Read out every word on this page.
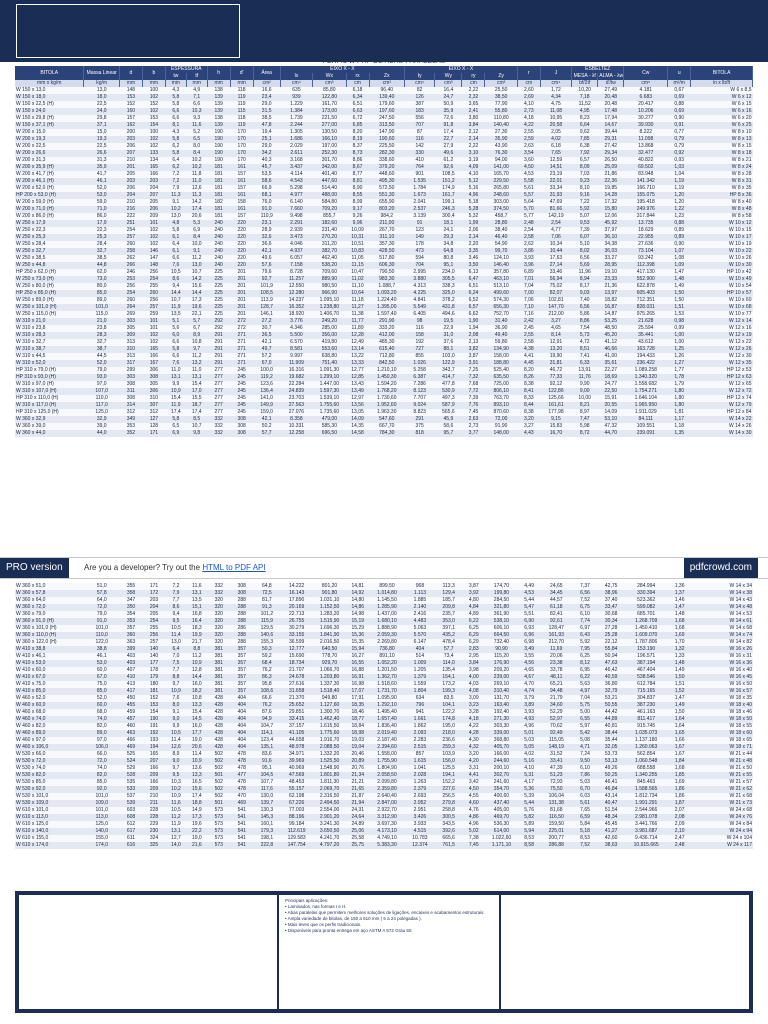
PERFIL W / HP DE ABAS PARALELAS
BITOLA	Massa Linear	d	b	ESPESSURA		h	d'	Área	EIXO X - X				EIXO X - X				r	J	ESBELTEZ		Cw	u	BITOLA
				tw	tf				Ix	Wx	rx	Zx	Iy	Wy	ry	Zy			MESA - λf	ALMA - λw			
mm x kg/m	kg/m	mm	mm	mm	mm	mm	mm	cm²	cm⁴	cm³	cm	cm³	cm⁴	cm³	cm	cm³	cm	cm⁴	bf/2tf	d'/tw	cm⁶	m²/m	in x lb/ft
W 150 x 13,0	13,0	148	100	4,3	4,9	138	118	16,6	635	85,80	6,18	96,40	82	16,4	2,22	25,50	2,60	1,72	10,20	27,49	4.181	0,67	W 6 x 8,5
W 150 x 18,0	18,0	153	102	5,8	7,1	139	119	23,4	939	122,80	6,34	139,40	126	24,7	2,32	38,50	2,69	4,34	7,18	20,48	6.683	0,69	W 6 x 12
W 150 x 22,5 (H)	22,5	152	152	5,8	6,6	139	119	29,0	1.229	161,70	6,51	179,60	387	50,9	3,65	77,90	4,10	4,75	11,52	20,48	20.417	0,88	W 6 x 15
W 150 x 24,0	24,0	160	102	6,6	10,3	139	115	31,5	1.384	173,00	6,63	197,60	183	35,9	2,41	55,80	2,73	11,08	4,95	17,48	10.206	0,69	W 6 x 16
W 150 x 29,8 (H)	29,8	157	153	6,6	9,3	138	118	38,5	1.739	221,50	6,72	247,50	556	72,6	3,80	110,80	4,18	10,95	8,23	17,94	30.277	0,90	W 6 x 20
W 150 x 37,1 (H)	37,1	162	154	8,1	11,6	139	119	47,8	2.244	277,00	6,85	313,50	707	91,8	3,84	140,40	4,22	20,58	6,64	14,67	39.930	0,91	W 6 x 25
W 200 x 15,0	15,0	200	100	4,3	5,2	190	170	19,4	1.305	130,50	8,20	147,90	87	17,4	2,12	27,30	2,55	2,05	9,62	39,44	8.222	0,77	W 8 x 10
W 200 x 19,3	19,3	203	102	5,8	6,5	190	170	25,1	1.686	166,10	8,19	190,60	116	22,7	2,14	35,90	2,59	4,02	7,85	29,31	11.098	0,79	W 8 x 13
W 200 x 22,5	22,5	206	102	6,2	8,0	190	170	29,0	2.029	197,00	8,37	225,50	142	27,9	2,22	43,90	2,63	6,18	6,38	27,42	13.868	0,79	W 8 x 15
W 200 x 26,6	26,6	207	133	5,8	8,4	190	170	34,2	2.611	252,30	8,73	282,30	330	49,6	3,10	76,30	3,54	7,65	7,92	29,34	32.477	0,92	W 8 x 18
W 200 x 31,3	31,3	210	134	6,4	10,2	190	170	40,3	3.168	301,70	8,86	338,60	410	61,2	3,19	94,00	3,60	12,59	6,57	26,50	40.822	0,93	W 8 x 21
W 200 x 35,9 (H)	35,9	201	165	6,2	10,2	181	161	45,7	3.437	342,00	8,67	379,20	764	92,6	4,09	141,00	4,50	14,51	8,09	25,09	69.502	1,03	W 8 x 24
W 200 x 41,7 (H)	41,7	205	166	7,2	11,8	181	157	53,5	4.114	401,40	8,77	448,60	901	108,5	4,10	165,70	4,53	23,19	7,03	21,86	83.948	1,04	W 8 x 28
W 200 x 46,1 (H)	46,1	203	203	7,2	11,0	181	161	58,6	4.543	447,60	8,81	495,30	1.535	151,2	5,12	229,50	5,58	22,01	9,23	22,36	141.342	1,19	W 8 x 31
W 200 x 52,0 (H)	52,0	206	204	7,9	12,6	181	157	66,9	5.298	514,40	8,90	572,50	1.784	174,9	5,16	265,80	5,61	33,34	8,10	19,85	166.710	1,19	W 8 x 35
HP 200 x 53,0 (H)	53,0	204	207	11,3	11,3	181	161	68,1	4.977	488,00	8,55	551,30	1.673	161,7	4,96	248,60	5,57	31,93	9,16	14,28	155.075	1,20	HP 8 x 36
W 200 x 59,0 (H)	59,0	210	205	9,1	14,2	182	158	76,0	6.140	584,80	8,99	655,90	2.041	199,1	5,18	303,00	5,64	47,69	7,22	17,32	195.418	1,20	W 8 x 40
W 200 x 71,0 (H)	71,0	216	206	10,2	17,4	181	161	91,0	7.660	709,20	9,17	803,20	2.537	246,3	5,28	374,50	5,70	81,66	5,92	15,80	249.976	1,22	W 8 x 48
W 200 x 86,0 (H)	86,0	222	209	13,0	20,6	181	157	110,9	9.498	855,7	9,26	984,2	3.139	300,4	5,32	458,7	5,77	142,19	5,07	12,06	317.844	1,23	W 8 x 58
W 250 x 17,9	17,9	251	101	4,8	5,3	240	220	23,1	2.291	182,60	9,96	211,00	91	18,1	1,99	28,80	2,48	2,54	9,53	45,92	13.735	0,88	W 10 x 12
W 250 x 22,3	22,3	254	102	5,8	6,9	240	220	28,9	2.939	231,40	10,09	267,70	123	24,1	2,06	38,40	2,54	4,77	7,39	37,97	18.629	0,89	W 10 x 15
W 250 x 25,3	25,3	257	102	6,1	8,4	240	220	32,6	3.473	270,20	10,31	311,10	149	29,3	2,14	46,40	2,58	7,06	6,07	36,10	22.955	0,89	W 10 x 17
W 250 x 28,4	28,4	260	102	6,4	10,0	240	220	36,6	4.046	311,20	10,51	357,30	178	34,8	2,20	54,90	2,62	10,34	5,10	34,38	27.636	0,90	W 10 x 19
W 250 x 32,7	32,7	258	146	6,1	9,1	240	220	42,1	4.937	382,70	10,83	428,50	473	64,8	3,35	99,70	3,86	10,44	8,02	36,03	73.104	1,07	W 10 x 22
W 250 x 38,5	38,5	262	147	6,6	11,2	240	220	49,6	6.057	462,40	11,05	517,80	594	80,8	3,46	124,10	3,93	17,63	6,56	33,27	93.242	1,08	W 10 x 26
W 250 x 44,8	44,8	266	148	7,6	13,0	240	220	57,6	7.158	538,20	11,15	606,30	704	95,1	3,50	146,40	3,96	27,14	5,69	28,95	112.398	1,09	W 10 x 30
HP 250 x 62,0 (H)	62,0	246	256	10,5	10,7	225	201	79,6	8.728	709,60	10,47	790,50	2.995	234,0	6,13	357,80	6,89	33,46	11,96	19,10	417.130	1,47	HP 10 x 42
W 250 x 73,0 (H)	73,0	253	254	8,6	14,2	225	201	92,7	11.257	889,90	11,02	983,30	3.880	305,5	6,47	463,10	7,01	56,94	8,94	23,33	552.900	1,48	W 10 x 49
W 250 x 80,0 (H)	80,0	256	255	9,4	15,6	225	201	101,9	12.550	980,50	11,10	1.088,7	4.313	338,3	6,51	513,10	7,04	75,02	8,17	21,36	622.878	1,49	W 10 x 54
HP 250 x 85,0 (H)	85,0	254	260	14,4	14,4	225	201	108,5	12.280	966,90	10,64	1.093,20	4.225	325,0	6,24	499,60	7,00	82,07	9,03	13,97	605.403	1,50	HP 10 x 57
W 250 x 89,0 (H)	89,0	260	256	10,7	17,3	225	201	113,9	14.237	1.095,10	11,18	1.224,40	4.841	378,2	6,52	574,30	7,06	102,81	7,40	18,82	712.351	1,50	W 10 x 60
W 250 x 101,0 (H)	101,0	264	257	11,9	19,6	225	201	128,7	16.352	1.238,80	11,27	1.395,00	5.549	431,8	6,57	656,30	7,10	147,70	6,56	16,87	828.031	1,51	W 10 x 68
W 250 x 115,0 (H)	115,0	269	259	13,5	22,1	225	201	146,1	18.920	1.406,70	11,38	1.597,40	6.405	494,6	6,62	752,70	7,16	212,00	5,86	14,87	975.265	1,53	W 10 x 77
W 310 x 21,0	21,0	303	101	5,1	5,7	292	272	27,2	3.776	249,20	11,77	291,90	98	19,5	1,90	31,40	2,42	3,27	8,86	53,25	21.628	0,98	W 12 x 14
W 310 x 23,8	23,8	305	101	5,6	6,7	292	272	30,7	4.346	285,00	11,89	333,20	116	22,9	1,94	36,90	2,45	4,65	7,54	48,50	25.594	0,99	W 12 x 16
W 310 x 28,3	28,3	309	102	6,0	8,9	291	271	36,5	5.500	356,00	12,28	412,00	158	31,0	2,08	49,40	2,55	8,14	5,73	45,20	35.441	1,00	W 12 x 19
W 310 x 32,7	32,7	313	102	6,6	10,8	291	271	42,1	6.570	419,80	12,49	485,30	192	37,6	2,13	59,80	2,58	12,91	4,72	41,12	43.612	1,00	W 12 x 22
W 310 x 38,7	38,7	310	165	5,8	9,7	291	271	49,7	8.581	553,60	13,14	615,40	727	88,1	3,82	134,90	4,38	13,20	8,51	46,66	163.728	1,25	W 12 x 26
W 310 x 44,5	44,5	313	166	6,6	11,2	291	271	57,2	9.997	638,80	13,22	712,80	855	103,0	3,87	158,00	4,41	19,90	7,41	41,00	194.433	1,26	W 12 x 30
W 310 x 52,0	52,0	317	167	7,6	13,2	291	271	67,0	11.909	751,40	13,33	842,50	1.026	122,9	3,91	188,80	4,45	31,81	6,33	35,61	236.422	1,27	W 12 x 35
HP 310 x 79,0 (H)	79,0	299	306	11,0	11,0	277	245	100,0	16.316	1.091,30	12,77	1.210,10	5.258	343,7	7,25	525,40	8,20	46,72	13,91	22,27	1.089.258	1,77	HP 12 x 53
HP 310 x 93,0 (H)	93,0	303	308	13,1	13,1	277	245	119,2	19.682	1.299,10	12,85	1.450,30	6.387	414,7	7,32	635,50	8,26	77,33	11,76	18,69	1.340.320	1,78	HP 12 x 63
W 310 x 97,0 (H)	97,0	308	305	9,9	15,4	277	245	123,6	22.284	1.447,00	13,43	1.594,20	7.286	477,8	7,68	725,00	8,38	92,12	9,90	24,77	1.558.682	1,79	W 12 x 65
W 310 x 107,0 (H)	107,0	311	306	10,9	17,0	277	245	136,4	24.839	1.597,30	13,49	1.768,20	8.123	530,9	7,72	806,10	8,41	122,86	9,00	22,50	1.754.271	1,80	W 12 x 72
HP 310 x 110,0 (H)	110,0	308	310	15,4	15,5	277	245	141,0	23.703	1.539,10	12,97	1.730,60	7.707	497,3	7,39	763,70	8,33	125,66	10,00	15,91	1.646.104	1,80	HP 12 x 74
W 310 x 117,0 (H)	117,0	314	307	11,9	18,7	277	245	149,9	27.563	1.755,60	13,56	1.952,60	9.024	587,9	7,76	893,10	8,44	161,61	8,21	20,55	1.965.950	1,80	W 12 x 79
HP 310 x 125,0 (H)	125,0	312	312	17,4	17,4	277	245	159,0	27.076	1.735,60	13,05	1.963,30	8.823	565,6	7,45	870,60	8,38	177,98	8,97	14,09	1.911.029	1,81	HP 12 x 84
W 360 x 32,9	32,9	349	127	5,8	8,5	332	308	42,1	8.358	479,00	14,09	547,60	291	45,9	2,63	72,00	3,20	9,15	7,47	53,10	84.111	1,17	W 14 x 22
W 360 x 39,0	39,0	353	128	6,5	10,7	332	308	50,2	10.331	585,30	14,35	667,70	375	58,6	2,73	91,90	3,27	15,83	5,98	47,32	109.551	1,18	W 14 x 26
W 360 x 44,0	44,0	352	171	6,9	9,8	332	308	57,7	12.258	696,50	14,58	784,30	818	95,7	3,77	148,00	4,43	16,70	8,72	44,70	239.091	1,35	W 14 x 30
PRO version	Are you a developer? Try out the HTML to PDF API	pdfcrowd.com
W 360 x 51,0	51,0	355	171	7,2	11,6	332	308	64,8	14.222	801,20	14,81	899,50	968	113,3	3,87	174,70	4,49	24,65	7,37	42,75	284.994	1,36	W 14 x 34
W 360 x 57,8	57,8	358	172	7,9	13,1	332	308	72,5	16.143	901,80	14,92	1.014,80	1.113	129,4	3,92	199,80	4,53	34,45	6,56	38,96	330.394	1,37	W 14 x 38
W 360 x 64,0	64,0	347	203	7,7	13,5	320	288	81,7	17.890	1.031,10	14,80	1.145,50	1.885	185,7	4,80	284,50	5,44	44,57	7,52	37,40	523.362	1,46	W 14 x 43
W 360 x 72,0	72,0	350	204	8,6	15,1	320	288	91,3	20.169	1.152,50	14,86	1.285,90	2.140	209,8	4,84	321,80	5,47	61,18	6,75	33,47	599.082	1,47	W 14 x 48
W 360 x 79,0	79,0	354	205	9,4	16,8	320	288	101,2	22.713	1.283,20	14,98	1.437,00	2.416	235,7	4,89	361,90	5,51	82,41	6,10	30,68	685.701	1,48	W 14 x 53
W 360 x 91,0 (H)	91,0	353	254	9,5	16,4	320	288	115,9	26.755	1.515,90	15,19	1.680,10	4.483	353,0	6,22	538,10	6,90	92,61	7,74	30,34	1.268.709	1,68	W 14 x 61
W 360 x 101,0 (H)	101,0	357	255	10,5	18,3	320	286	129,5	30.279	1.696,30	15,29	1.888,90	5.063	397,1	6,25	606,10	6,93	128,47	6,97	27,28	1.450.410	1,68	W 14 x 68
W 360 x 110,0 (H)	110,0	360	256	11,4	19,9	320	288	140,6	33.155	1.841,90	15,36	2.059,30	5.570	435,2	6,29	664,50	6,96	161,93	6,43	25,28	1.609.070	1,69	W 14 x 74
W 360 x 122,0 (H)	122,0	363	257	13,0	21,7	320	288	155,3	36.599	2.016,50	15,35	2.269,80	6.147	478,4	6,29	732,40	6,98	212,70	5,92	22,12	1.787.806	1,70	W 14 x 82
W 410 x 38,8	38,8	399	140	6,4	8,8	381	357	50,3	12.777	640,50	15,94	736,80	404	57,7	2,83	90,90	3,49	11,69	7,95	55,84	153.190	1,32	W 16 x 26
W 410 x 46,1	46,1	403	140	7,0	11,2	381	357	59,2	15.690	778,70	16,27	891,10	514	73,4	2,95	115,20	3,55	20,06	6,25	50,94	196.571	1,33	W 16 x 31
W 410 x 53,0	53,0	403	177	7,5	10,9	381	357	68,4	18.734	929,70	16,55	1.052,20	1.009	114,0	3,84	176,90	4,56	23,38	8,12	47,63	387.194	1,48	W 16 x 36
W 410 x 60,0	60,0	407	178	7,7	12,8	381	357	76,2	21.707	1.066,70	16,88	1.201,50	1.205	135,4	3,98	209,20	4,65	33,78	6,95	46,42	467.404	1,49	W 16 x 40
W 410 x 67,0	67,0	410	179	8,8	14,4	381	357	86,3	24.678	1.203,80	16,91	1.362,70	1.379	154,1	4,00	239,00	4,67	48,11	6,22	40,59	538.546	1,50	W 16 x 45
W 410 x 75,0	75,0	413	180	9,7	16,0	381	357	95,8	27.616	1.337,30	16,98	1.518,60	1.559	173,2	4,03	269,10	4,70	65,21	5,63	36,80	612.784	1,51	W 16 x 50
W 410 x 85,0	85,0	417	181	10,9	18,2	381	357	108,6	31.658	1.518,40	17,07	1.731,70	1.804	199,3	4,08	310,40	4,74	94,48	4,97	32,79	715.165	1,52	W 16 x 57
W 460 x 52,0	52,0	450	152	7,6	10,8	428	404	66,6	21.370	949,80	17,91	1.095,90	634	83,5	3,09	131,70	3,79	21,79	7,04	53,21	304.837	1,47	W 18 x 35
W 460 x 60,0	60,0	455	153	8,0	13,3	428	404	76,2	25.652	1.127,60	18,35	1.292,10	796	104,1	3,23	163,40	3,89	34,60	5,75	50,55	387.230	1,49	W 18 x 40
W 460 x 68,0	68,0	459	154	9,1	15,4	428	404	87,6	29.851	1.300,70	18,46	1.495,40	941	122,2	3,28	192,40	3,93	52,29	5,00	44,42	461.163	1,50	W 18 x 46
W 460 x 74,0	74,0	457	190	9,0	14,5	428	404	94,9	33.415	1.462,40	18,77	1.657,40	1.661	174,8	4,18	271,30	4,93	52,97	6,55	44,89	811.417	1,64	W 18 x 50
W 460 x 82,0	82,0	460	191	9,9	16,0	428	404	104,7	37.157	1.615,50	18,84	1.836,40	1.862	195,0	4,22	303,30	4,96	70,62	5,97	40,81	915.745	1,64	W 18 x 55
W 460 x 89,0	89,0	463	192	10,5	17,7	428	404	114,1	41.105	1.775,60	18,98	2.019,40	2.093	218,0	4,28	339,00	5,01	92,49	5,42	38,44	1.035.073	1,65	W 18 x 60
W 460 x 97,0	97,0	466	193	11,4	19,0	428	404	123,4	44.658	1.916,70	19,03	2.187,40	2.283	236,6	4,30	368,80	5,03	115,05	5,08	35,44	1.137.180	1,66	W 18 x 65
W 460 x 106,0	106,0	469	194	12,6	20,6	428	404	135,1	48.978	2.088,50	19,04	2.394,60	2.515	259,3	4,32	405,70	5,05	148,19	4,71	32,05	1.260.063	1,67	W 18 x 71
W 530 x 66,0	66,0	525	165	8,9	11,4	502	478	83,6	34.971	1.332,20	20,46	1.558,00	857	103,9	3,20	166,00	4,02	31,52	7,24	53,73	562.854	1,67	W 21 x 44
W 530 x 72,0	72,0	524	207	9,0	10,9	502	478	91,6	39.969	1.525,50	20,89	1.755,90	1.615	156,0	4,20	244,60	5,16	33,41	9,50	53,13	1.060.548	1,84	W 21 x 48
W 530 x 74,0	74,0	529	166	9,7	13,6	502	478	95,1	40.969	1.548,90	20,76	1.804,90	1.041	125,5	3,31	200,10	4,10	47,39	6,10	49,26	688.558	1,68	W 21 x 50
W 530 x 82,0	82,0	528	209	9,5	13,3	501	477	104,5	47.569	1.801,80	21,34	2.058,50	2.028	194,1	4,41	302,70	5,31	51,23	7,86	50,25	1.340.255	1,85	W 21 x 55
W 530 x 85,0	85,0	535	166	10,3	16,5	502	478	107,7	48.453	1.811,30	21,21	2.099,80	1.263	152,2	3,42	241,60	4,17	72,93	5,03	46,41	845.463	1,69	W 21 x 57
W 530 x 92,0	92,0	533	209	10,2	15,6	502	478	117,6	55.157	2.069,70	21,65	2.359,80	2.379	227,6	4,50	354,70	5,36	75,50	6,70	46,84	1.588.565	1,86	W 21 x 62
W 530 x 101,0	101,0	537	210	10,9	17,4	502	470	130,0	62.198	2.316,50	21,87	2.640,40	2.693	256,5	4,55	400,60	5,39	106,04	6,03	43,14	1.812.734	1,86	W 21 x 68
W 530 x 109,0	109,0	539	211	11,6	18,8	501	469	139,7	67.226	2.494,50	21,94	2.847,00	2.952	279,8	4,60	437,40	5,44	131,38	5,61	40,47	1.991.291	1,87	W 21 x 73
W 610 x 101,0	101,0	603	228	10,5	14,9	573	541	130,3	77.003	2.554,00	24,31	2.922,70	2.951	258,8	4,76	405,00	5,76	81,68	7,65	51,54	2.544.966	2,07	W 24 x 68
W 610 x 113,0	113,0	608	228	11,2	17,3	573	541	145,3	88.196	2.901,20	24,64	3.312,90	3.426	300,5	4,86	469,70	5,82	116,50	6,59	48,34	2.981.078	2,08	W 24 x 76
W 610 x 125,0	125,0	612	229	11,9	19,6	573	541	160,1	99.184	3.241,30	24,89	3.697,30	3.933	343,5	4,96	536,30	5,89	159,50	5,84	45,45	3.441.766	2,09	W 24 x 84
W 610 x 140,0	140,0	617	230	13,1	22,2	573	541	179,3	112.619	3.650,50	25,06	4.173,10	4.515	392,6	5,02	614,00	5,94	225,01	5,18	41,27	3.981.687	2,10	W 24 x 94
W 610 x 155,0	155,0	611	324	12,7	19,0	573	541	198,1	129.583	4.241,70	25,58	4.749,10	10.783	665,6	7,38	1.022,60	8,53	200,77	8,53	42,60	9.436.714	2,47	W 24 x 104
W 610 x 174,0	174,0	616	325	14,0	21,6	573	541	222,8	147.754	4.797,20	25,75	5.383,30	12.374	761,5	7,45	1.171,10	8,58	286,88	7,52	38,63	10.915.665	2,48	W 24 x 117
Principais aplicações:
• Laminados, nas formas I e H.
• Abas paralelas que permitem melhores soluções de ligações, encaixes e acabamentos estruturais.
• Ampla variedade de bitolas, de 150 a 610 mm ( 6 a 24 polegadas ).
• Mais leves que os perfis tradicionais.
• Disponíveis para pronta entrega em aço ASTM A 572 Grau 50.
